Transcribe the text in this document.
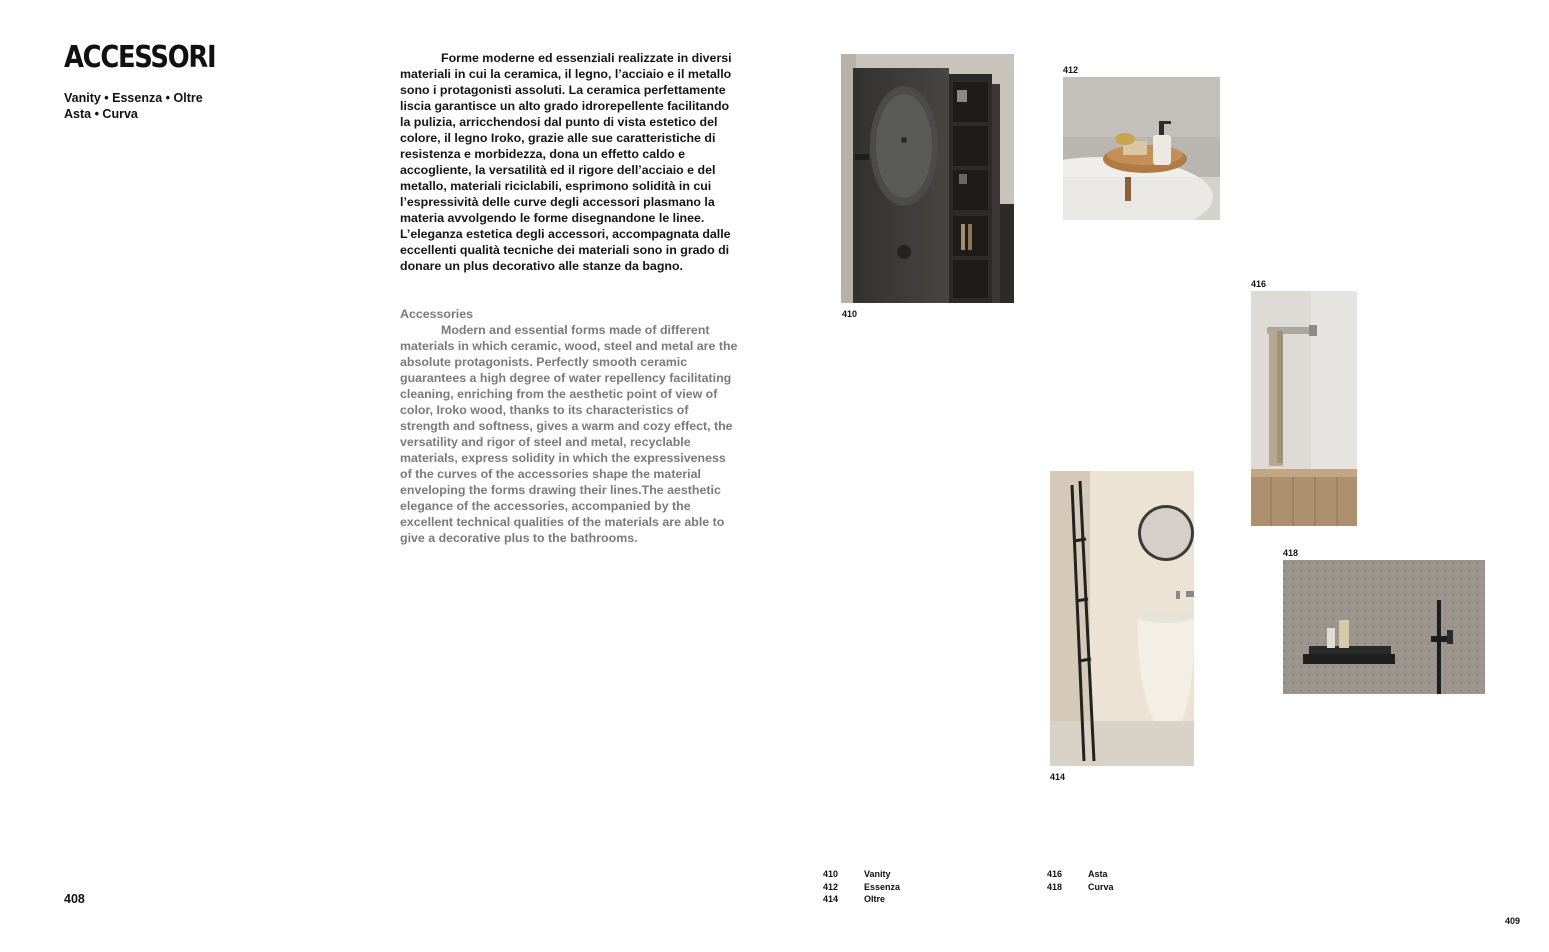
ACCESSORI
Vanity • Essenza • Oltre
Asta • Curva

Forme moderne ed essenziali realizzate in diversi materiali in cui la ceramica, il legno, l’acciaio e il metallo sono i protagonisti assoluti. La ceramica perfettamente liscia garantisce un alto grado idrorepellente facilitando la pulizia, arricchendosi dal punto di vista estetico del colore, il legno Iroko, grazie alle sue caratteristiche di resistenza e morbidezza, dona un effetto caldo e accogliente, la versatilità ed il rigore dell’acciaio e del metallo, materiali riciclabili, esprimono solidità in cui l’espressività delle curve degli accessori plasmano la materia avvolgendo le forme disegnandone le linee. L’eleganza estetica degli accessori, accompagnata dalle eccellenti qualità tecniche dei materiali sono in grado di donare un plus decorativo alle stanze da bagno.

Accessories
Modern and essential forms made of different materials in which ceramic, wood, steel and metal are the absolute protagonists. Perfectly smooth ceramic guarantees a high degree of water repellency facilitating cleaning, enriching from the aesthetic point of view of color, Iroko wood, thanks to its characteristics of strength and softness, gives a warm and cozy effect, the versatility and rigor of steel and metal, recyclable materials, express solidity in which the expressiveness of the curves of the accessories shape the material enveloping the forms drawing their lines.The aesthetic elegance of the accessories, accompanied by the excellent technical qualities of the materials are able to give a decorative plus to the bathrooms.
410
412
416
414
418
410	Vanity
412	Essenza
414	Oltre
416	Asta
418	Curva
408
409
